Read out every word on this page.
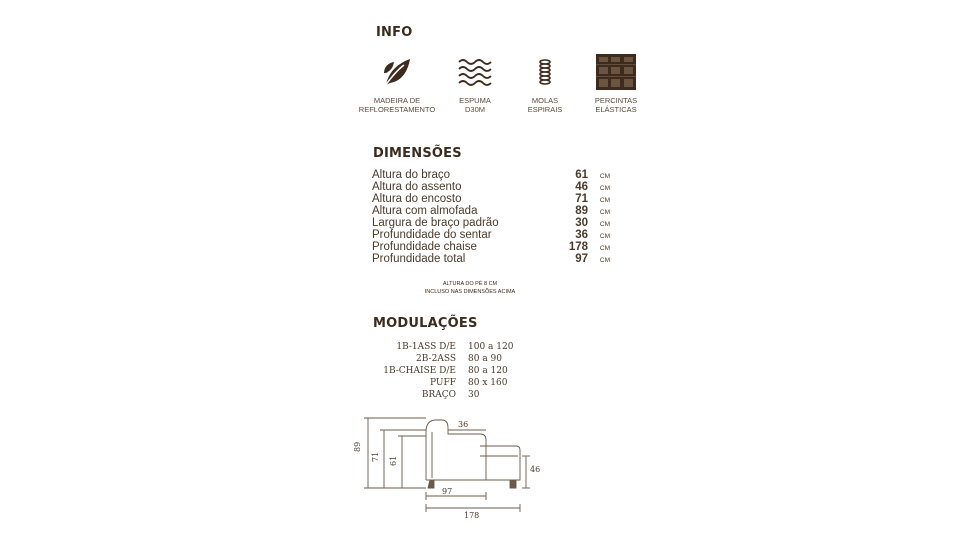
INFO
MADEIRA DE
REFLORESTAMENTO
ESPUMA
D30M
MOLAS
ESPIRAIS
PERCINTAS
ELÁSTICAS
DIMENSÕES
Altura do braço	61 CM
Altura do assento	46 CM
Altura do encosto	71 CM
Altura com almofada	89 CM
Largura de braço padrão	30 CM
Profundidade do sentar	36 CM
Profundidade chaise	178 CM
Profundidade total	97 CM
ALTURA DO PÉ 8 CM
INCLUSO NAS DIMENSÕES ACIMA
MODULAÇÕES
1B-1ASS D/E 100 a 120
2B-2ASS 80 a 90
1B-CHAISE D/E 80 a 120
PUFF 80 x 160
BRAÇO 30
89
71 61
36
46
97
178
